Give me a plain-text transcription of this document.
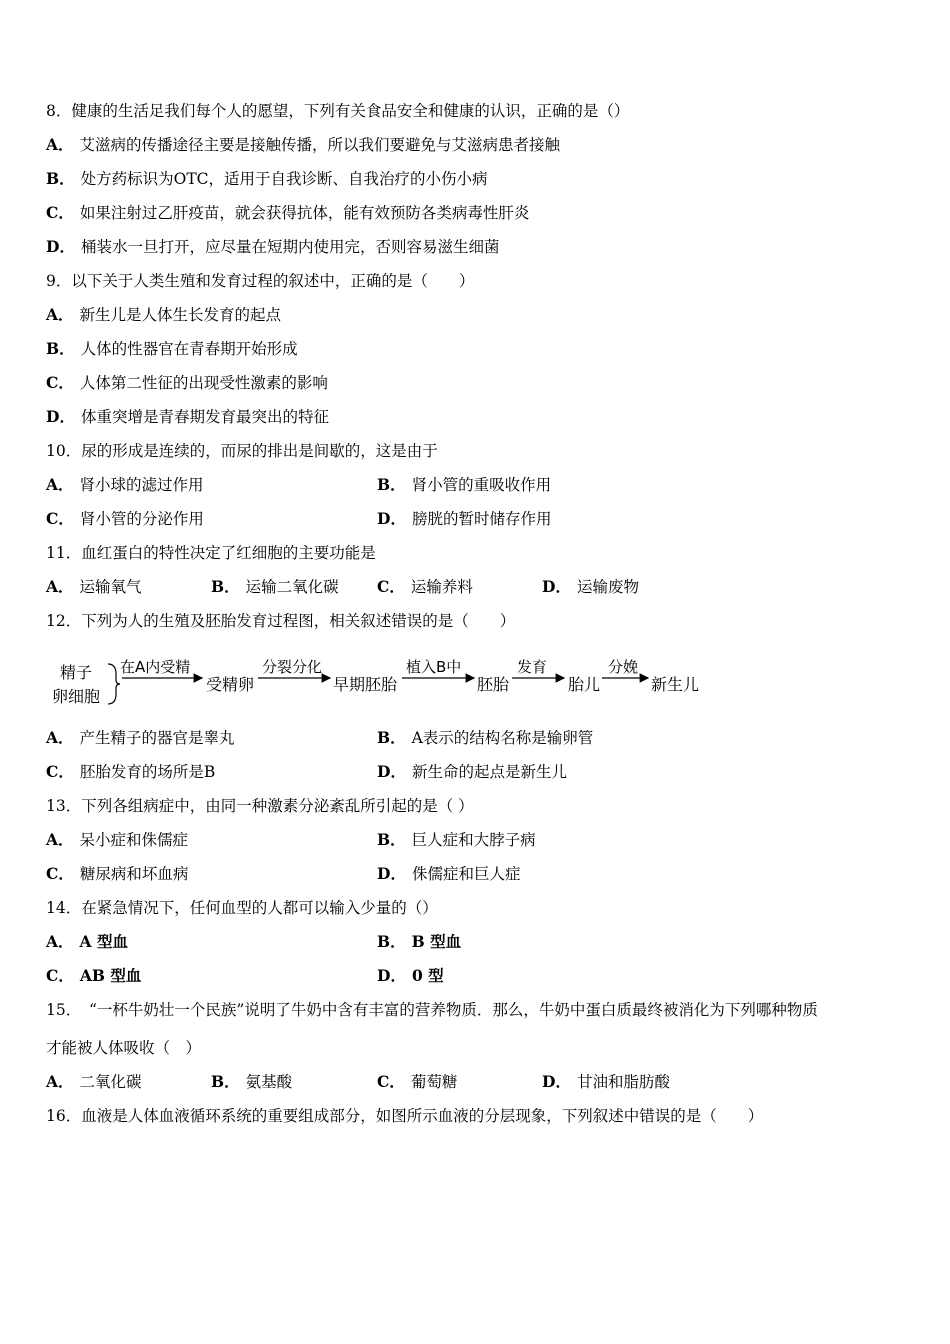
8．健康的生活足我们每个人的愿望，下列有关食品安全和健康的认识，正确的是（）
A． 艾滋病的传播途径主要是接触传播，所以我们要避免与艾滋病患者接触
B． 处方药标识为OTC，适用于自我诊断、自我治疗的小伤小病
C． 如果注射过乙肝疫苗，就会获得抗体，能有效预防各类病毒性肝炎
D． 桶装水一旦打开，应尽量在短期内使用完，否则容易滋生细菌
9．以下关于人类生殖和发育过程的叙述中，正确的是（　　）
A． 新生儿是人体生长发育的起点
B． 人体的性器官在青春期开始形成
C． 人体第二性征的出现受性激素的影响
D． 体重突增是青春期发育最突出的特征
10．尿的形成是连续的，而尿的排出是间歇的，这是由于
A． 肾小球的滤过作用	B． 肾小管的重吸收作用
C． 肾小管的分泌作用	D． 膀胱的暂时储存作用
11．血红蛋白的特性决定了红细胞的主要功能是
A． 运输氧气	B． 运输二氧化碳 C． 运输养料	D． 运输废物
12．下列为人的生殖及胚胎发育过程图，相关叙述错误的是（　　）
精子
卵细胞
在A内受精
受精卵
分裂分化
早期胚胎
植入B中
胚胎
发育
胎儿
分娩
新生儿
A． 产生精子的器官是睾丸	B． A表示的结构名称是输卵管
C． 胚胎发育的场所是B	D． 新生命的起点是新生儿
13．下列各组病症中，由同一种激素分泌紊乱所引起的是（ ）
A． 呆小症和侏儒症	B． 巨人症和大脖子病
C． 糖尿病和坏血病	D． 侏儒症和巨人症
14．在紧急情况下，任何血型的人都可以输入少量的（）
A． A 型血	B． B 型血
C． AB 型血	D． 0 型
15．　“一杯牛奶壮一个民族”说明了牛奶中含有丰富的营养物质．那么，牛奶中蛋白质最终被消化为下列哪种物质
才能被人体吸收（　）
A． 二氧化碳	B． 氨基酸	C． 葡萄糖	D． 甘油和脂肪酸
16．血液是人体血液循环系统的重要组成部分，如图所示血液的分层现象，下列叙述中错误的是（　　）
